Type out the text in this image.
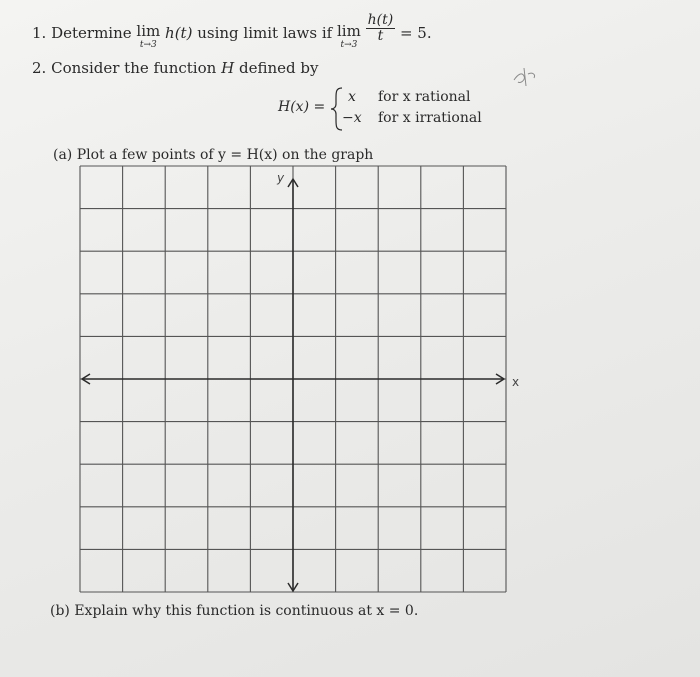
1. Determine lim
t→3
h(t) using limit laws if lim
t→3

$\frac{h(t)}{t} = 5$.
2. Consider the function H defined by
H(x) =
x for x rational
−x for x irrational
(a) Plot a few points of y = H(x) on the graph
y
x
(b) Explain why this function is continuous at x = 0.
